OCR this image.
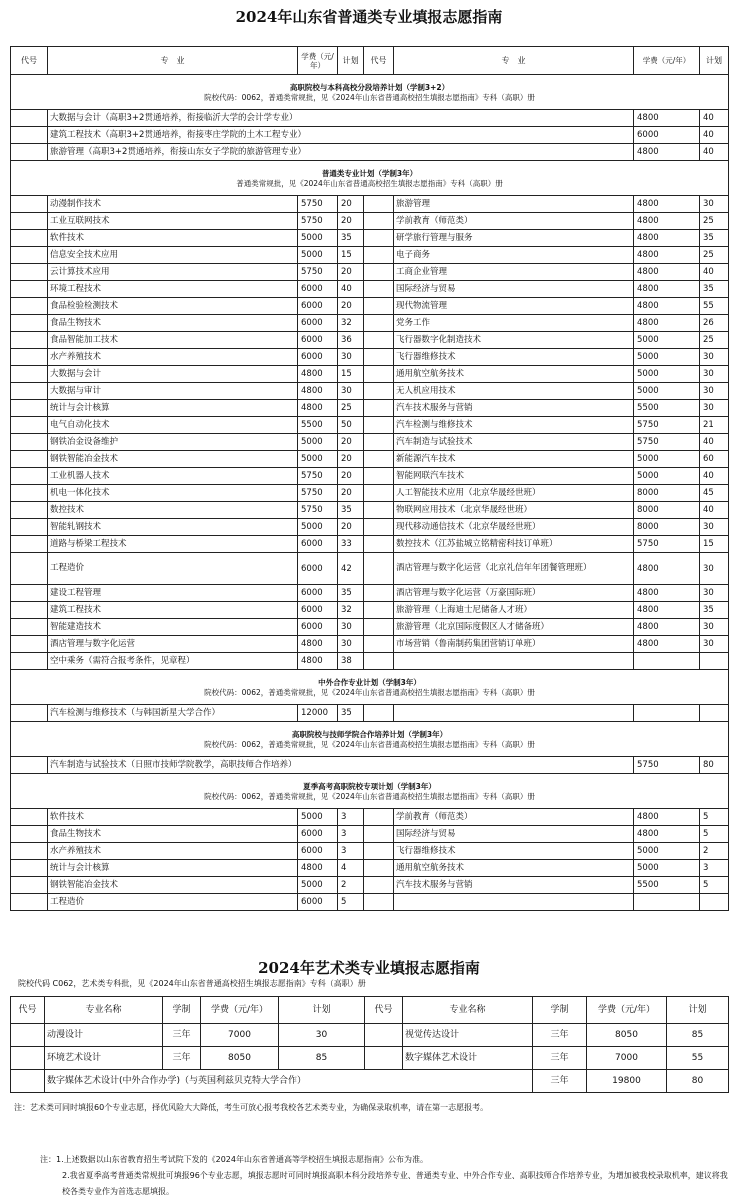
2024年山东省普通类专业填报志愿指南
代号	专　业	学费（元/年）	计划	代号	专　业	学费（元/年）	计划

高职院校与本科高校分段培养计划（学制3+2）
院校代码：0062，普通类常规批，见《2024年山东省普通高校招生填报志愿指南》专科（高职）册							

	大数据与会计（高职3+2贯通培养，衔接临沂大学的会计学专业）					4800	40
	建筑工程技术（高职3+2贯通培养，衔接枣庄学院的土木工程专业）					6000	40
	旅游管理（高职3+2贯通培养，衔接山东女子学院的旅游管理专业）					4800	40

普通类专业计划（学制3年）
普通类常规批，见《2024年山东省普通高校招生填报志愿指南》专科（高职）册							

	动漫制作技术	5750	20		旅游管理	4800	30
	工业互联网技术	5750	20		学前教育（师范类）	4800	25
	软件技术	5000	35		研学旅行管理与服务	4800	35
	信息安全技术应用	5000	15		电子商务	4800	25
	云计算技术应用	5750	20		工商企业管理	4800	40
	环境工程技术	6000	40		国际经济与贸易	4800	35
	食品检验检测技术	6000	20		现代物流管理	4800	55
	食品生物技术	6000	32		党务工作	4800	26
	食品智能加工技术	6000	36		飞行器数字化制造技术	5000	25
	水产养殖技术	6000	30		飞行器维修技术	5000	30
	大数据与会计	4800	15		通用航空航务技术	5000	30
	大数据与审计	4800	30		无人机应用技术	5000	30
	统计与会计核算	4800	25		汽车技术服务与营销	5500	30
	电气自动化技术	5500	50		汽车检测与维修技术	5750	21
	钢铁冶金设备维护	5000	20		汽车制造与试验技术	5750	40
	钢铁智能冶金技术	5000	20		新能源汽车技术	5000	60
	工业机器人技术	5750	20		智能网联汽车技术	5000	40
	机电一体化技术	5750	20		人工智能技术应用（北京华晟经世班）	8000	45
	数控技术	5750	35		物联网应用技术（北京华晟经世班）	8000	40
	智能轧钢技术	5000	20		现代移动通信技术（北京华晟经世班）	8000	30
	道路与桥梁工程技术	6000	33		数控技术（江苏盐城立铭精密科技订单班）	5750	15
	工程造价	6000	42		酒店管理与数字化运营（北京礼信年年团餐管理班）	4800	30
	建设工程管理	6000	35		酒店管理与数字化运营（万豪国际班）	4800	30
	建筑工程技术	6000	32		旅游管理（上海迪士尼储备人才班）	4800	35
	智能建造技术	6000	30		旅游管理（北京国际度假区人才储备班）	4800	30
	酒店管理与数字化运营	4800	30		市场营销（鲁南制药集团营销订单班）	4800	30
	空中乘务（需符合报考条件，见章程）	4800	38				

中外合作专业计划（学制3年）
院校代码：0062，普通类常规批，见《2024年山东省普通高校招生填报志愿指南》专科（高职）册							

	汽车检测与维修技术（与韩国新星大学合作）	12000	35				

高职院校与技师学院合作培养计划（学制3年）
院校代码：0062，普通类常规批，见《2024年山东省普通高校招生填报志愿指南》专科（高职）册							

	汽车制造与试验技术（日照市技师学院教学，高职技师合作培养）					5750	80

夏季高考高职院校专项计划（学制3年）
院校代码：0062，普通类常规批，见《2024年山东省普通高校招生填报志愿指南》专科（高职）册							

	软件技术	5000	3		学前教育（师范类）	4800	5
	食品生物技术	6000	3		国际经济与贸易	4800	5
	水产养殖技术	6000	3		飞行器维修技术	5000	2
	统计与会计核算	4800	4		通用航空航务技术	5000	3
	钢铁智能冶金技术	5000	2		汽车技术服务与营销	5500	5
	工程造价	6000	5				
2024年艺术类专业填报志愿指南
院校代码 C062，艺术类专科批，见《2024年山东省普通高校招生填报志愿指南》专科（高职）册
代号	专业名称	学制	学费（元/年）	计划	代号	专业名称	学制	学费（元/年）	计划
	动漫设计	三年	7000	30		视觉传达设计	三年	8050	85
	环境艺术设计	三年	8050	85		数字媒体艺术设计	三年	7000	55
	数字媒体艺术设计(中外合作办学)（与英国利兹贝克特大学合作）						三年	19800	80
注：艺术类可同时填报60个专业志愿，择优风险大大降低，考生可放心报考我校各艺术类专业，为确保录取机率，请在第一志愿报考。
注：1.上述数据以山东省教育招生考试院下发的《2024年山东省普通高等学校招生填报志愿指南》公布为准。
2.我省夏季高考普通类常规批可填报96个专业志愿，填报志愿时可同时填报高职本科分段培养专业、普通类专业、中外合作专业、高职技师合作培养专业，为增加被我校录取机率，建议将我校各类专业作为首选志愿填报。
